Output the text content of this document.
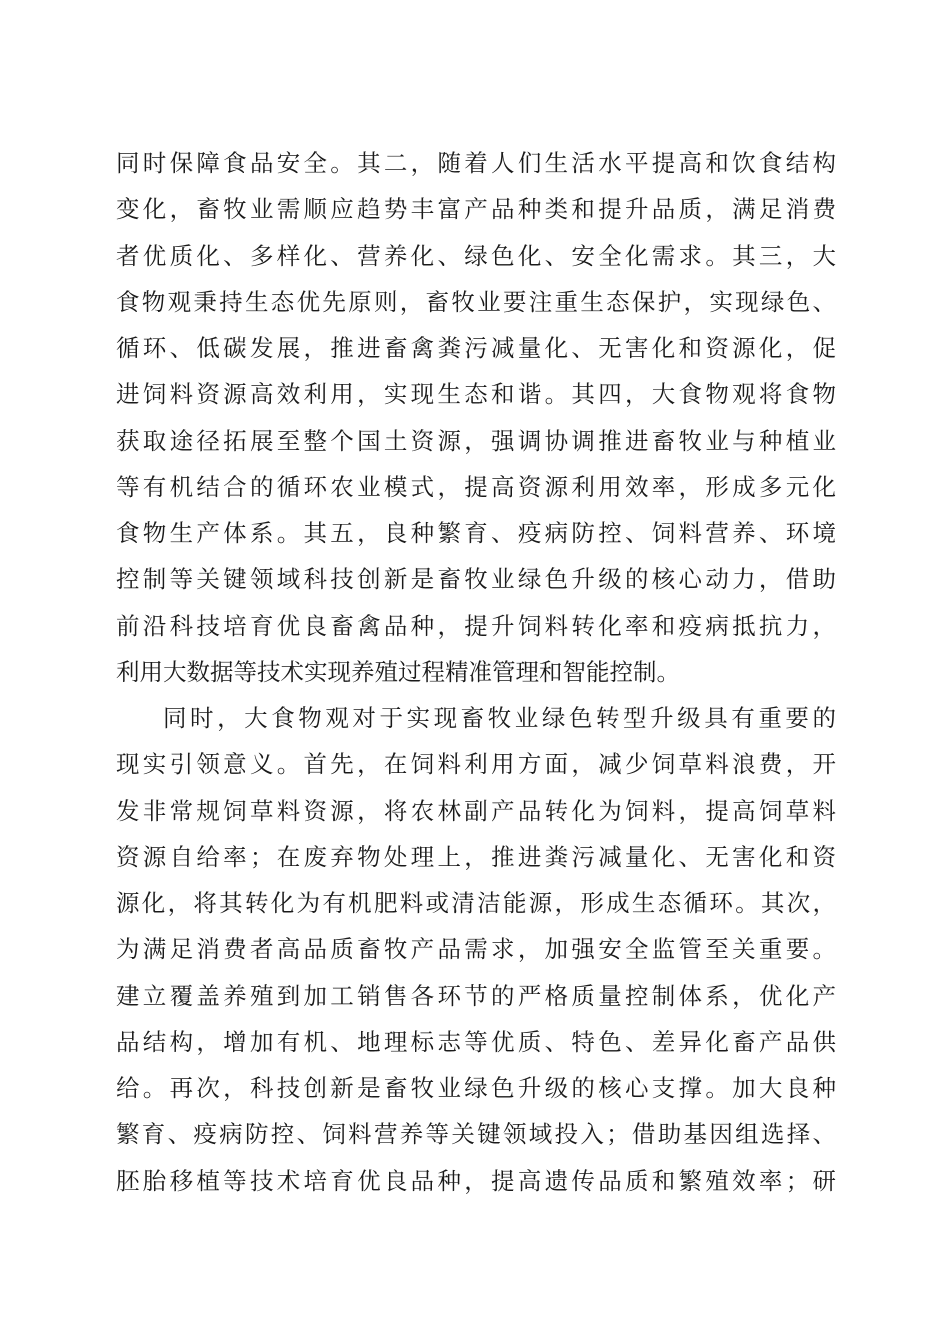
同时保障食品安全。其二，随着人们生活水平提高和饮食结构
变化，畜牧业需顺应趋势丰富产品种类和提升品质，满足消费
者优质化、多样化、营养化、绿色化、安全化需求。其三，大
食物观秉持生态优先原则，畜牧业要注重生态保护，实现绿色、
循环、低碳发展，推进畜禽粪污减量化、无害化和资源化，促
进饲料资源高效利用，实现生态和谐。其四，大食物观将食物
获取途径拓展至整个国土资源，强调协调推进畜牧业与种植业
等有机结合的循环农业模式，提高资源利用效率，形成多元化
食物生产体系。其五，良种繁育、疫病防控、饲料营养、环境
控制等关键领域科技创新是畜牧业绿色升级的核心动力，借助
前沿科技培育优良畜禽品种，提升饲料转化率和疫病抵抗力，
利用大数据等技术实现养殖过程精准管理和智能控制。
同时，大食物观对于实现畜牧业绿色转型升级具有重要的
现实引领意义。首先，在饲料利用方面，减少饲草料浪费，开
发非常规饲草料资源，将农林副产品转化为饲料，提高饲草料
资源自给率；在废弃物处理上，推进粪污减量化、无害化和资
源化，将其转化为有机肥料或清洁能源，形成生态循环。其次，
为满足消费者高品质畜牧产品需求，加强安全监管至关重要。
建立覆盖养殖到加工销售各环节的严格质量控制体系，优化产
品结构，增加有机、地理标志等优质、特色、差异化畜产品供
给。再次，科技创新是畜牧业绿色升级的核心支撑。加大良种
繁育、疫病防控、饲料营养等关键领域投入；借助基因组选择、
胚胎移植等技术培育优良品种，提高遗传品质和繁殖效率；研
